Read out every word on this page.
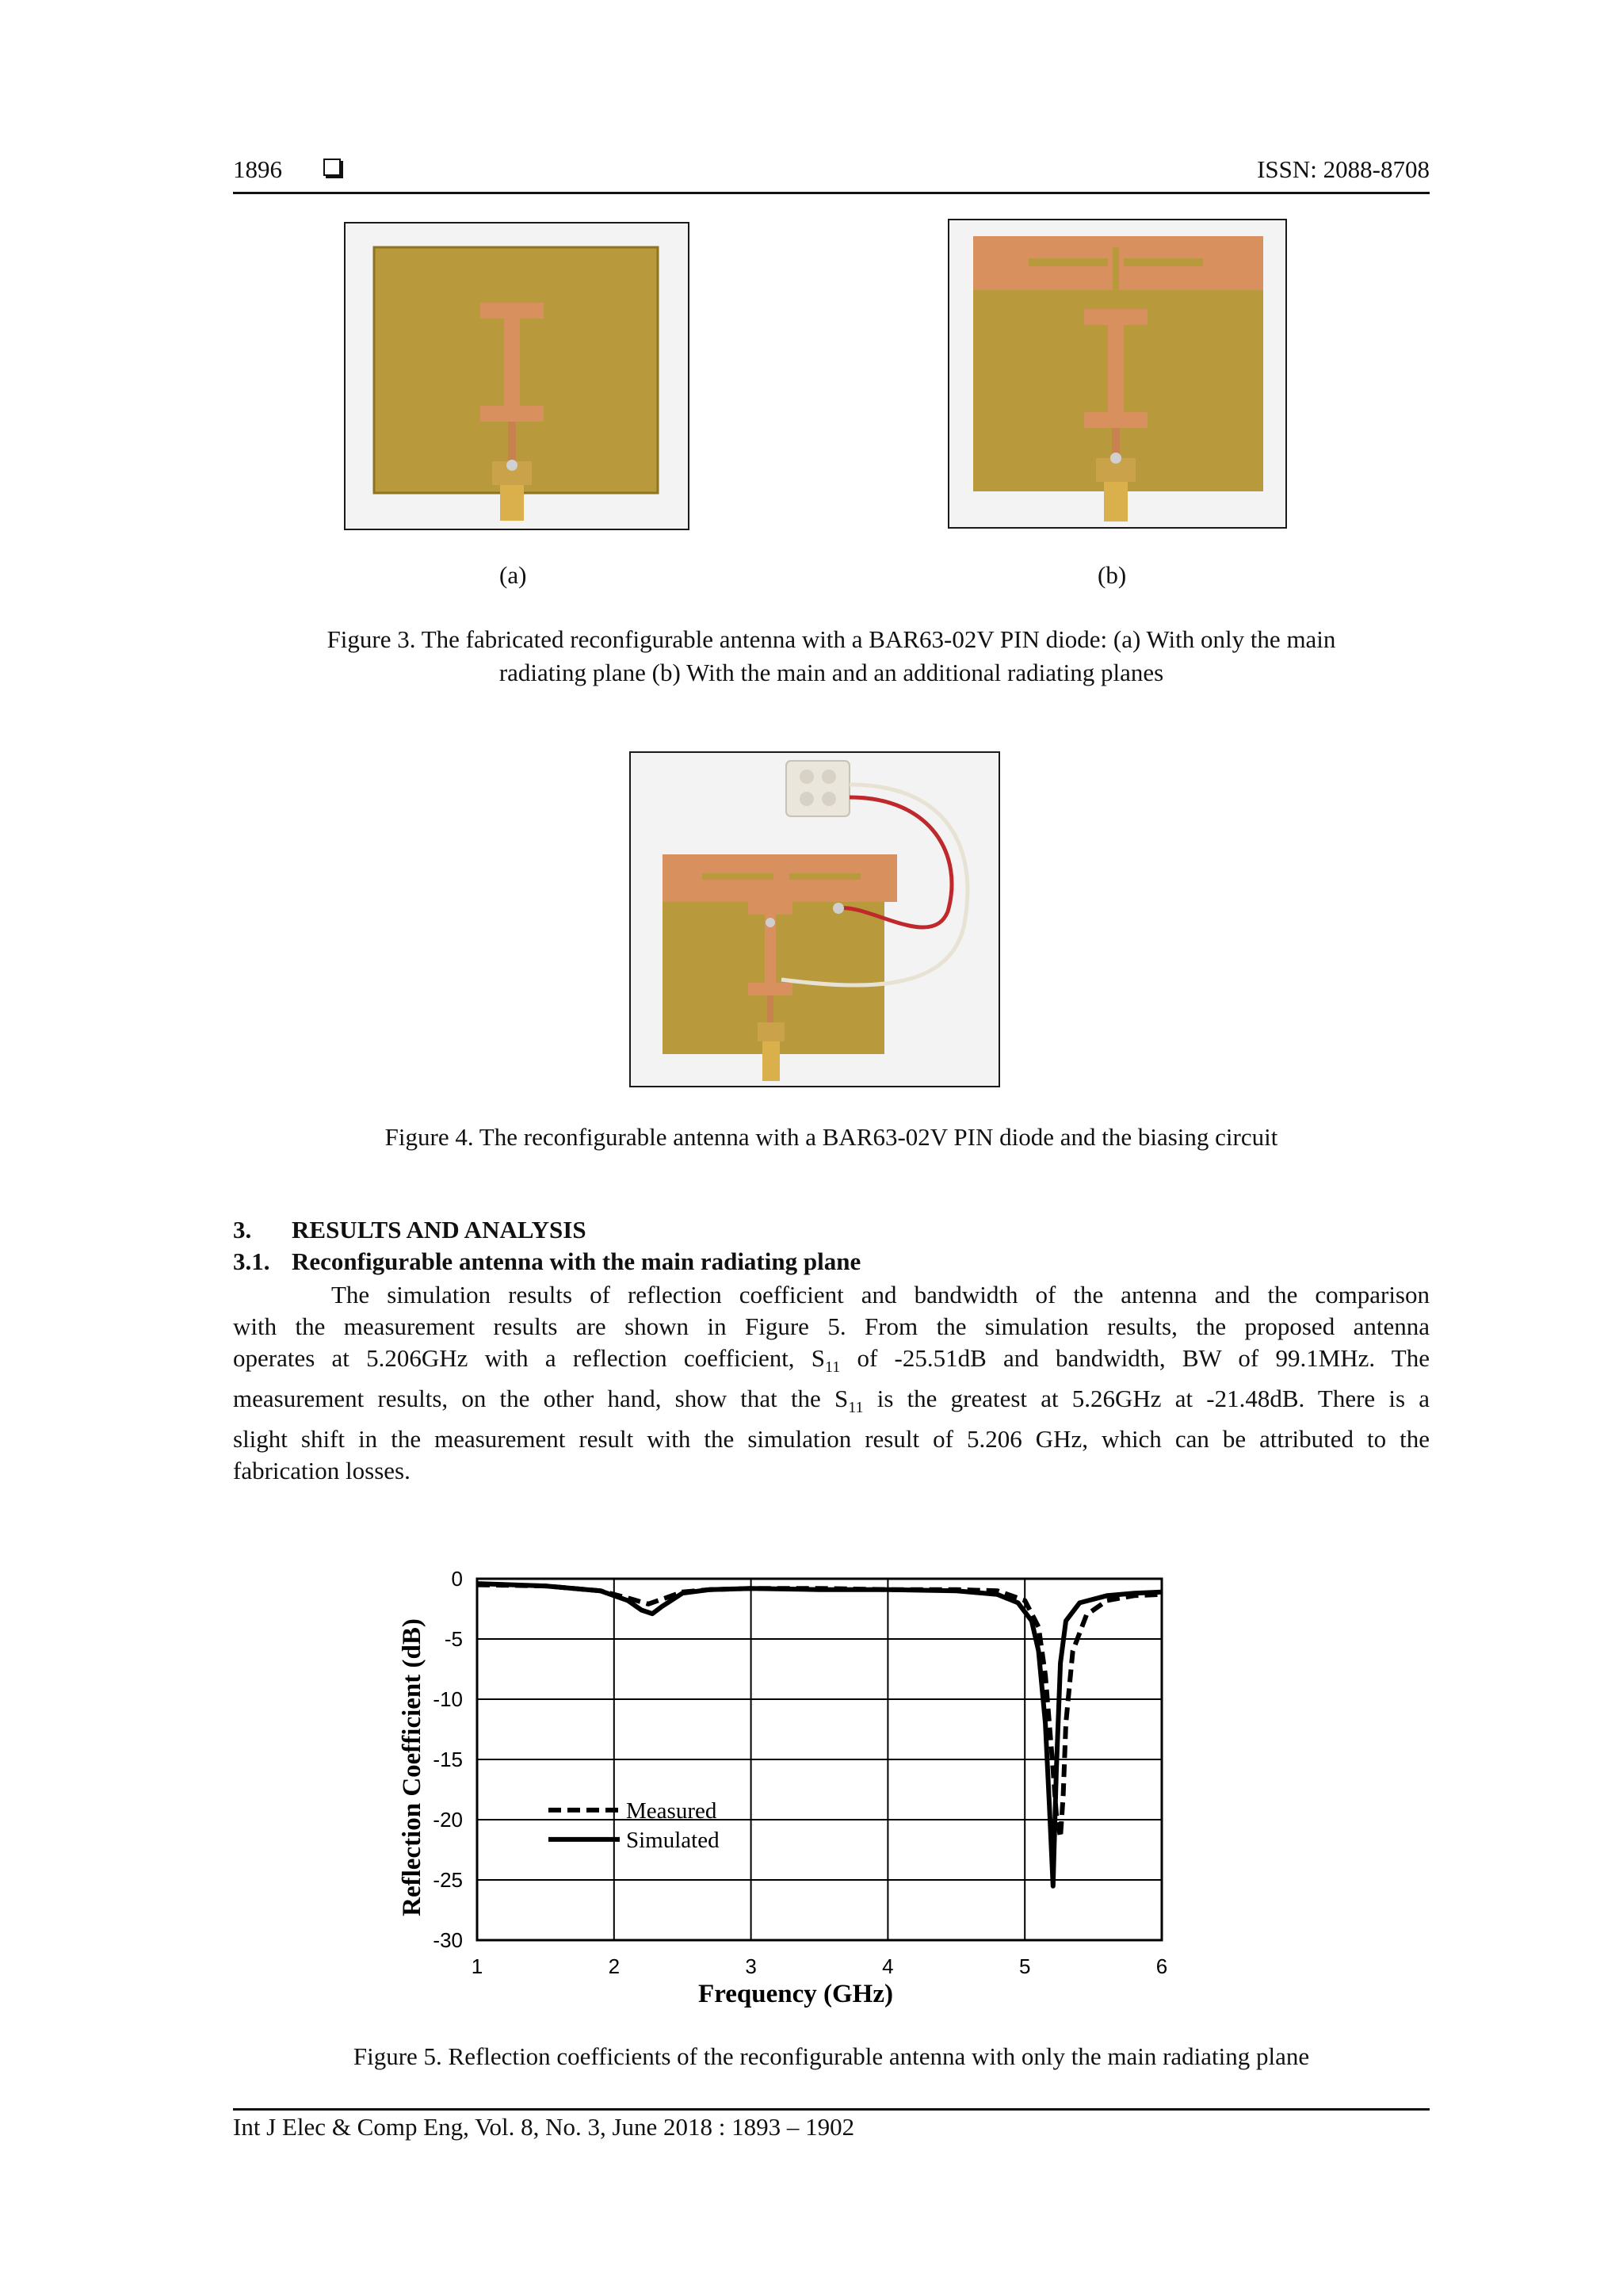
1896	ISSN: 2088-8708
(a)	(b)
Figure 3. The fabricated reconfigurable antenna with a BAR63-02V PIN diode: (a) With only the main
radiating plane (b) With the main and an additional radiating planes
Figure 4. The reconfigurable antenna with a BAR63-02V PIN diode and the biasing circuit
3. RESULTS AND ANALYSIS
3.1. Reconfigurable antenna with the main radiating plane
The simulation results of reflection coefficient and bandwidth of the antenna and the comparison
with the measurement results are shown in Figure 5. From the simulation results, the proposed antenna
operates at 5.206GHz with a reflection coefficient, $S_{11}$ of -25.51dB and bandwidth, BW of 99.1MHz. The
measurement results, on the other hand, show that the $S_{11}$ is the greatest at 5.26GHz at -21.48dB. There is a
slight shift in the measurement result with the simulation result of 5.206 GHz, which can be attributed to the
fabrication losses.
1	2	3	4	5	6
0
-5
-10
-15
-20
-25
-30
Frequency (GHz)
Reflection Coefficient (dB)	Measured
Simulated
Figure 5. Reflection coefficients of the reconfigurable antenna with only the main radiating plane
Int J Elec & Comp Eng, Vol. 8, No. 3, June 2018 : 1893 – 1902
